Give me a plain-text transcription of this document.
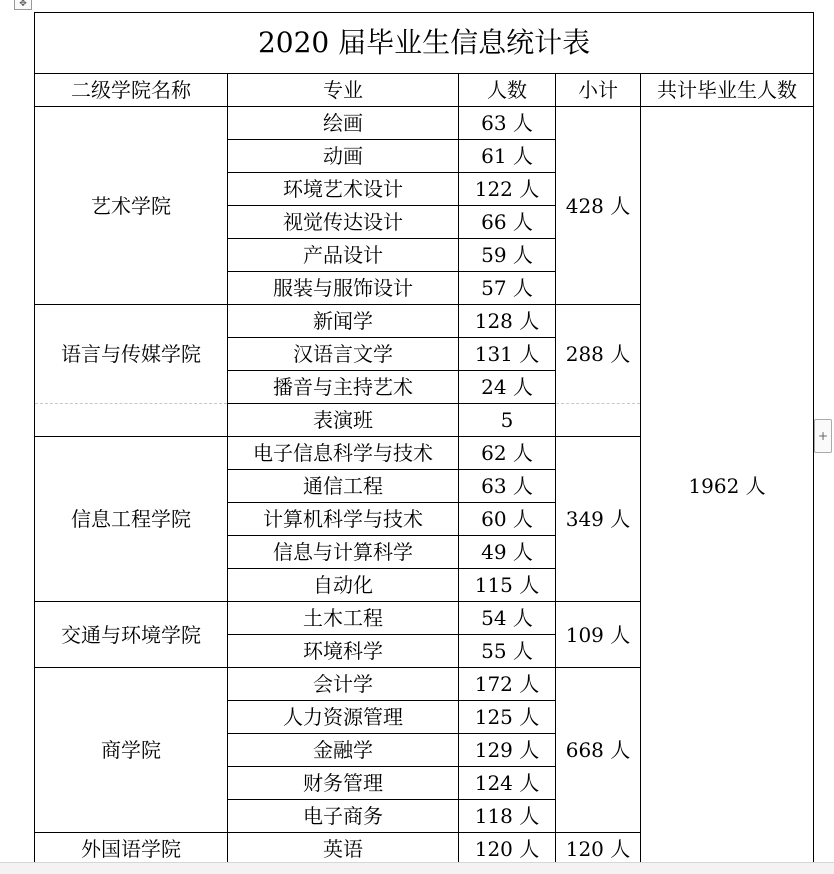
✥
2020 届毕业生信息统计表				
二级学院名称	专业	人数	小计	共计毕业生人数
艺术学院	绘画	63 人	428 人	1962 人
	动画	61 人		
	环境艺术设计	122 人		
	视觉传达设计	66 人		
	产品设计	59 人		
	服装与服饰设计	57 人		
语言与传媒学院	新闻学	128 人	288 人	
	汉语言文学	131 人		
	播音与主持艺术	24 人		
	表演班	5		
信息工程学院	电子信息科学与技术	62 人	349 人	
	通信工程	63 人		
	计算机科学与技术	60 人		
	信息与计算科学	49 人		
	自动化	115 人		
交通与环境学院	土木工程	54 人	109 人	
	环境科学	55 人		
商学院	会计学	172 人	668 人	
	人力资源管理	125 人		
	金融学	129 人		
	财务管理	124 人		
	电子商务	118 人		
外国语学院	英语	120 人	120 人	
+
